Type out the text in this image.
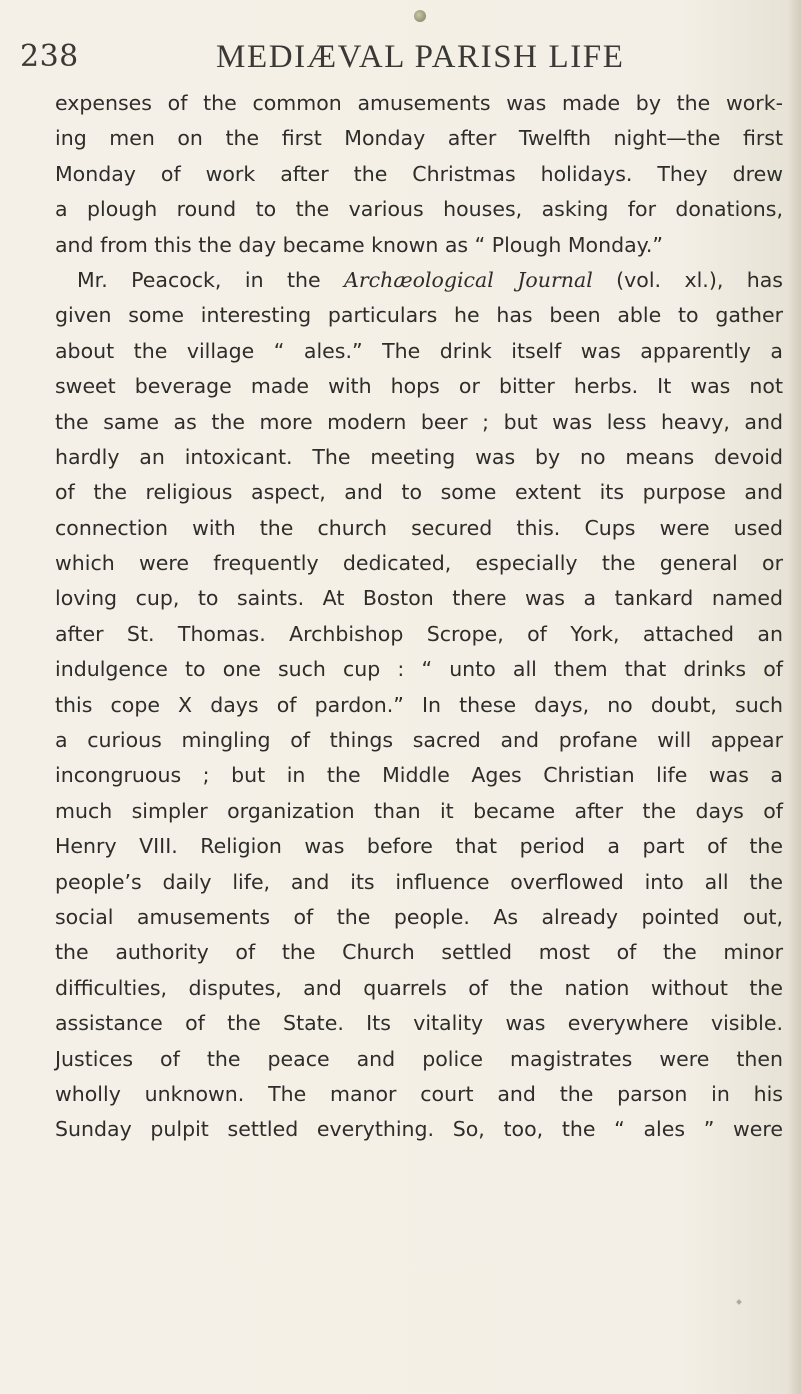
238	MEDIÆVAL PARISH LIFE
expenses of the common amusements was made by the work-
ing men on the first Monday after Twelfth night—the first
Monday of work after the Christmas holidays. They drew
a plough round to the various houses, asking for donations,
and from this the day became known as “ Plough Monday.”
Mr. Peacock, in the Archæological Journal (vol. xl.), has
given some interesting particulars he has been able to gather
about the village “ ales.” The drink itself was apparently a
sweet beverage made with hops or bitter herbs. It was not
the same as the more modern beer ; but was less heavy, and
hardly an intoxicant. The meeting was by no means devoid
of the religious aspect, and to some extent its purpose and
connection with the church secured this. Cups were used
which were frequently dedicated, especially the general or
loving cup, to saints. At Boston there was a tankard named
after St. Thomas. Archbishop Scrope, of York, attached an
indulgence to one such cup : “ unto all them that drinks of
this cope X days of pardon.” In these days, no doubt, such
a curious mingling of things sacred and profane will appear
incongruous ; but in the Middle Ages Christian life was a
much simpler organization than it became after the days of
Henry VIII. Religion was before that period a part of the
people’s daily life, and its influence overflowed into all the
social amusements of the people. As already pointed out,
the authority of the Church settled most of the minor
difficulties, disputes, and quarrels of the nation without the
assistance of the State. Its vitality was everywhere visible.
Justices of the peace and police magistrates were then
wholly unknown. The manor court and the parson in his
Sunday pulpit settled everything. So, too, the “ ales ” were
